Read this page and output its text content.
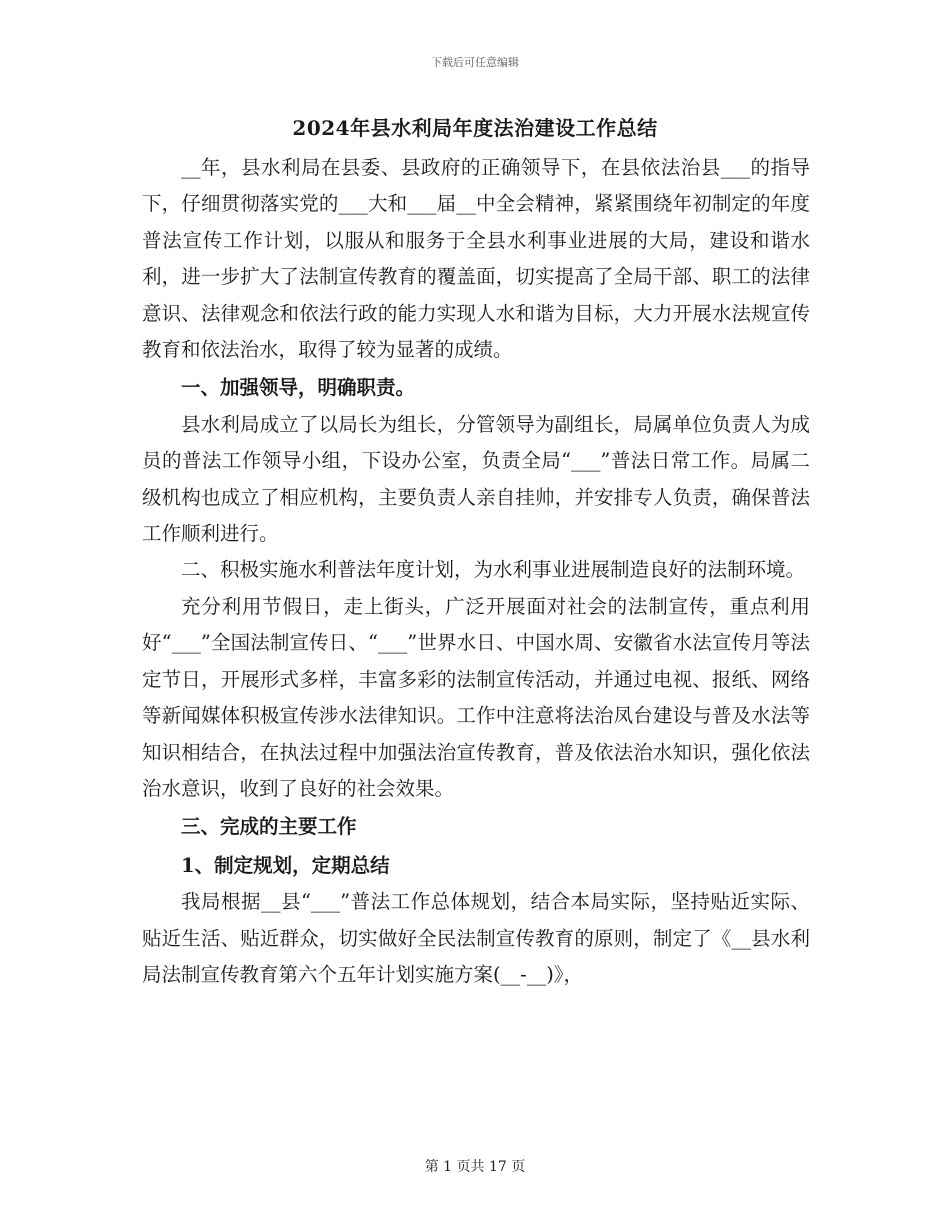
下载后可任意编辑
2024年县水利局年度法治建设工作总结

__年，县水利局在县委、县政府的正确领导下，在县依法治县___的指导下，仔细贯彻落实党的___大和___届__中全会精神，紧紧围绕年初制定的年度普法宣传工作计划，以服从和服务于全县水利事业进展的大局，建设和谐水利，进一步扩大了法制宣传教育的覆盖面，切实提高了全局干部、职工的法律意识、法律观念和依法行政的能力实现人水和谐为目标，大力开展水法规宣传教育和依法治水，取得了较为显著的成绩。

一、加强领导，明确职责。

县水利局成立了以局长为组长，分管领导为副组长，局属单位负责人为成员的普法工作领导小组，下设办公室，负责全局“___”普法日常工作。局属二级机构也成立了相应机构，主要负责人亲自挂帅，并安排专人负责，确保普法工作顺利进行。

二、积极实施水利普法年度计划，为水利事业进展制造良好的法制环境。

充分利用节假日，走上街头，广泛开展面对社会的法制宣传，重点利用好“___”全国法制宣传日、“___”世界水日、中国水周、安徽省水法宣传月等法定节日，开展形式多样，丰富多彩的法制宣传活动，并通过电视、报纸、网络等新闻媒体积极宣传涉水法律知识。工作中注意将法治凤台建设与普及水法等知识相结合，在执法过程中加强法治宣传教育，普及依法治水知识，强化依法治水意识，收到了良好的社会效果。

三、完成的主要工作

1、制定规划，定期总结

我局根据__县“___”普法工作总体规划，结合本局实际，坚持贴近实际、贴近生活、贴近群众，切实做好全民法制宣传教育的原则，制定了《__县水利局法制宣传教育第六个五年计划实施方案(__-__)》，

第 1 页共 17 页
